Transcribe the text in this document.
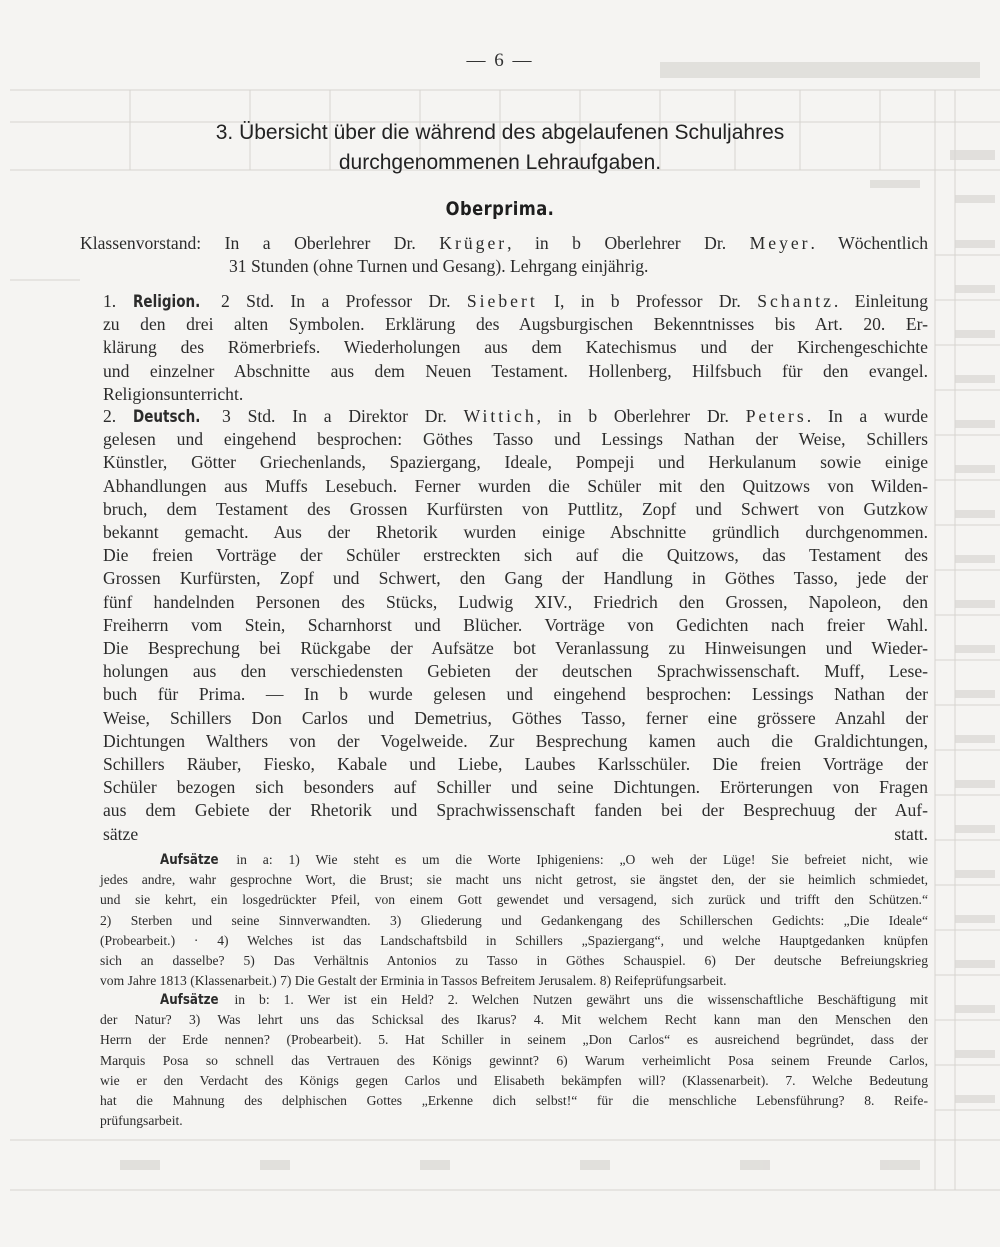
— 6 —
3. Übersicht über die während des abgelaufenen Schuljahres
durchgenommenen Lehraufgaben.
Oberprima.
Klassenvorstand: In a Oberlehrer Dr. Krüger, in b Oberlehrer Dr. Meyer. Wöchentlich
31 Stunden (ohne Turnen und Gesang). Lehrgang einjährig.
1. Religion. 2 Std. In a Professor Dr. Siebert I, in b Professor Dr. Schantz. Einleitung
zu den drei alten Symbolen. Erklärung des Augsburgischen Bekenntnisses bis Art. 20. Er-
klärung des Römerbriefs. Wiederholungen aus dem Katechismus und der Kirchengeschichte
und einzelner Abschnitte aus dem Neuen Testament. Hollenberg, Hilfsbuch für den evangel.
Religionsunterricht.
2. Deutsch. 3 Std. In a Direktor Dr. Wittich, in b Oberlehrer Dr. Peters. In a wurde
gelesen und eingehend besprochen: Göthes Tasso und Lessings Nathan der Weise, Schillers
Künstler, Götter Griechenlands, Spaziergang, Ideale, Pompeji und Herkulanum sowie einige
Abhandlungen aus Muffs Lesebuch. Ferner wurden die Schüler mit den Quitzows von Wilden-
bruch, dem Testament des Grossen Kurfürsten von Puttlitz, Zopf und Schwert von Gutzkow
bekannt gemacht. Aus der Rhetorik wurden einige Abschnitte gründlich durchgenommen.
Die freien Vorträge der Schüler erstreckten sich auf die Quitzows, das Testament des
Grossen Kurfürsten, Zopf und Schwert, den Gang der Handlung in Göthes Tasso, jede der
fünf handelnden Personen des Stücks, Ludwig XIV., Friedrich den Grossen, Napoleon, den
Freiherrn vom Stein, Scharnhorst und Blücher. Vorträge von Gedichten nach freier Wahl.
Die Besprechung bei Rückgabe der Aufsätze bot Veranlassung zu Hinweisungen und Wieder-
holungen aus den verschiedensten Gebieten der deutschen Sprachwissenschaft. Muff, Lese-
buch für Prima. — In b wurde gelesen und eingehend besprochen: Lessings Nathan der
Weise, Schillers Don Carlos und Demetrius, Göthes Tasso, ferner eine grössere Anzahl der
Dichtungen Walthers von der Vogelweide. Zur Besprechung kamen auch die Graldichtungen,
Schillers Räuber, Fiesko, Kabale und Liebe, Laubes Karlsschüler. Die freien Vorträge der
Schüler bezogen sich besonders auf Schiller und seine Dichtungen. Erörterungen von Fragen
aus dem Gebiete der Rhetorik und Sprachwissenschaft fanden bei der Besprechuug der Auf-
sätze statt.
Aufsätze in a: 1) Wie steht es um die Worte Iphigeniens: „O weh der Lüge! Sie befreiet nicht, wie
jedes andre, wahr gesprochne Wort, die Brust; sie macht uns nicht getrost, sie ängstet den, der sie heimlich schmiedet,
und sie kehrt, ein losgedrückter Pfeil, von einem Gott gewendet und versagend, sich zurück und trifft den Schützen.“
2) Sterben und seine Sinnverwandten. 3) Gliederung und Gedankengang des Schillerschen Gedichts: „Die Ideale“
(Probearbeit.) · 4) Welches ist das Landschaftsbild in Schillers „Spaziergang“, und welche Hauptgedanken knüpfen
sich an dasselbe? 5) Das Verhältnis Antonios zu Tasso in Göthes Schauspiel. 6) Der deutsche Befreiungskrieg
vom Jahre 1813 (Klassenarbeit.) 7) Die Gestalt der Erminia in Tassos Befreitem Jerusalem. 8) Reifeprüfungsarbeit.
Aufsätze in b: 1. Wer ist ein Held? 2. Welchen Nutzen gewährt uns die wissenschaftliche Beschäftigung mit
der Natur? 3) Was lehrt uns das Schicksal des Ikarus? 4. Mit welchem Recht kann man den Menschen den
Herrn der Erde nennen? (Probearbeit). 5. Hat Schiller in seinem „Don Carlos“ es ausreichend begründet, dass der
Marquis Posa so schnell das Vertrauen des Königs gewinnt? 6) Warum verheimlicht Posa seinem Freunde Carlos,
wie er den Verdacht des Königs gegen Carlos und Elisabeth bekämpfen will? (Klassenarbeit). 7. Welche Bedeutung
hat die Mahnung des delphischen Gottes „Erkenne dich selbst!“ für die menschliche Lebensführung? 8. Reife-
prüfungsarbeit.
